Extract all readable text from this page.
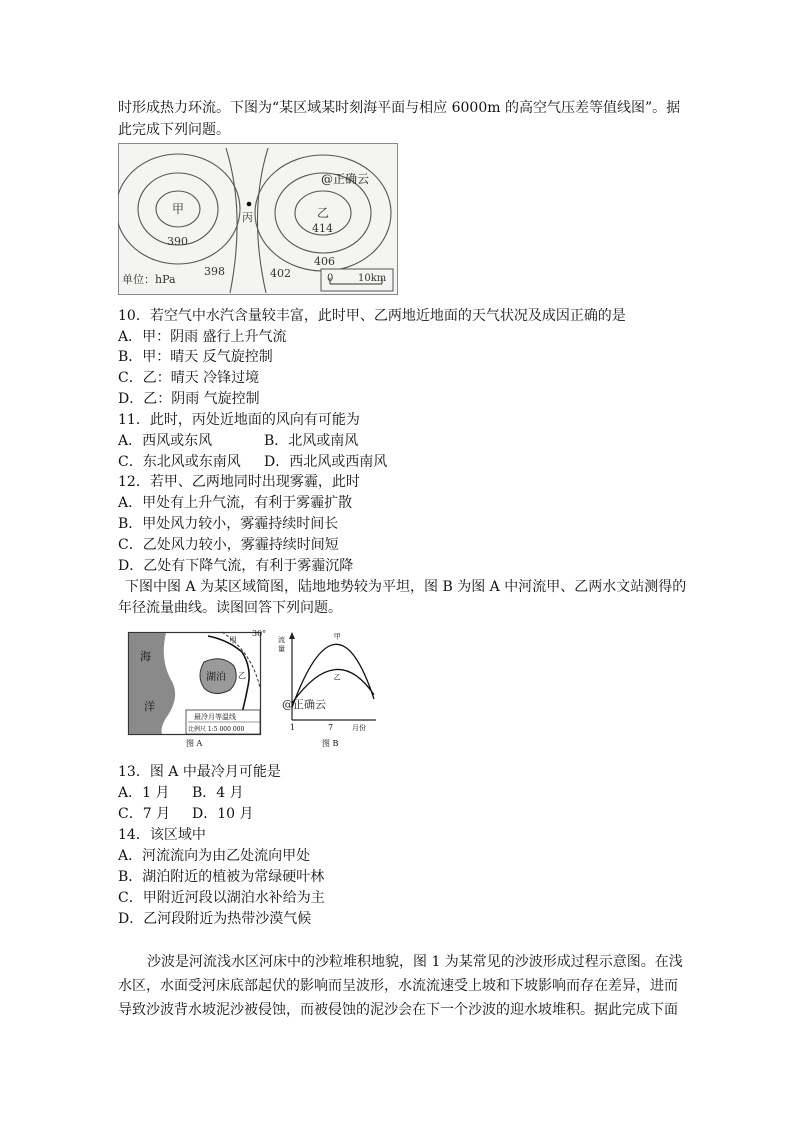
时形成热力环流。下图为“某区域某时刻海平面与相应 6000m 的高空气压差等值线图”。据
此完成下列问题。
甲	乙
丙
390
398	402
406
414
@正确云
单位：hPa	0 10km
10．若空气中水汽含量较丰富，此时甲、乙两地近地面的天气状况及成因正确的是
A．甲：阴雨 盛行上升气流
B．甲：晴天 反气旋控制
C．乙：晴天 冷锋过境
D．乙：阴雨 气旋控制
11．此时，丙处近地面的风向有可能为
A．西风或东风	B．北风或南风
C．东北风或东南风 D．西北风或西南风
12．若甲、乙两地同时出现雾霾，此时
A．甲处有上升气流，有利于雾霾扩散
B．甲处风力较小，雾霾持续时间长
C．乙处风力较小，雾霾持续时间短
D．乙处有下降气流，有利于雾霾沉降
下图中图 A 为某区域简图，陆地地势较为平坦，图 B 为图 A 中河流甲、乙两水文站测得的
年径流量曲线。读图回答下列问题。
30°
海
洋
湖泊
甲
乙
最冷月等温线
比例尺 1:5 000 000
图 A
流
量
甲
乙
1	7	月份
@正确云
图 B
13．图 A 中最冷月可能是
A．1 月 B．4 月
C．7 月 D．10 月
14．该区域中
A．河流流向为由乙处流向甲处
B．湖泊附近的植被为常绿硬叶林
C．甲附近河段以湖泊水补给为主
D．乙河段附近为热带沙漠气候
沙波是河流浅水区河床中的沙粒堆积地貌，图 1 为某常见的沙波形成过程示意图。在浅
水区，水面受河床底部起伏的影响而呈波形，水流流速受上坡和下坡影响而存在差异，进而
导致沙波背水坡泥沙被侵蚀，而被侵蚀的泥沙会在下一个沙波的迎水坡堆积。据此完成下面
